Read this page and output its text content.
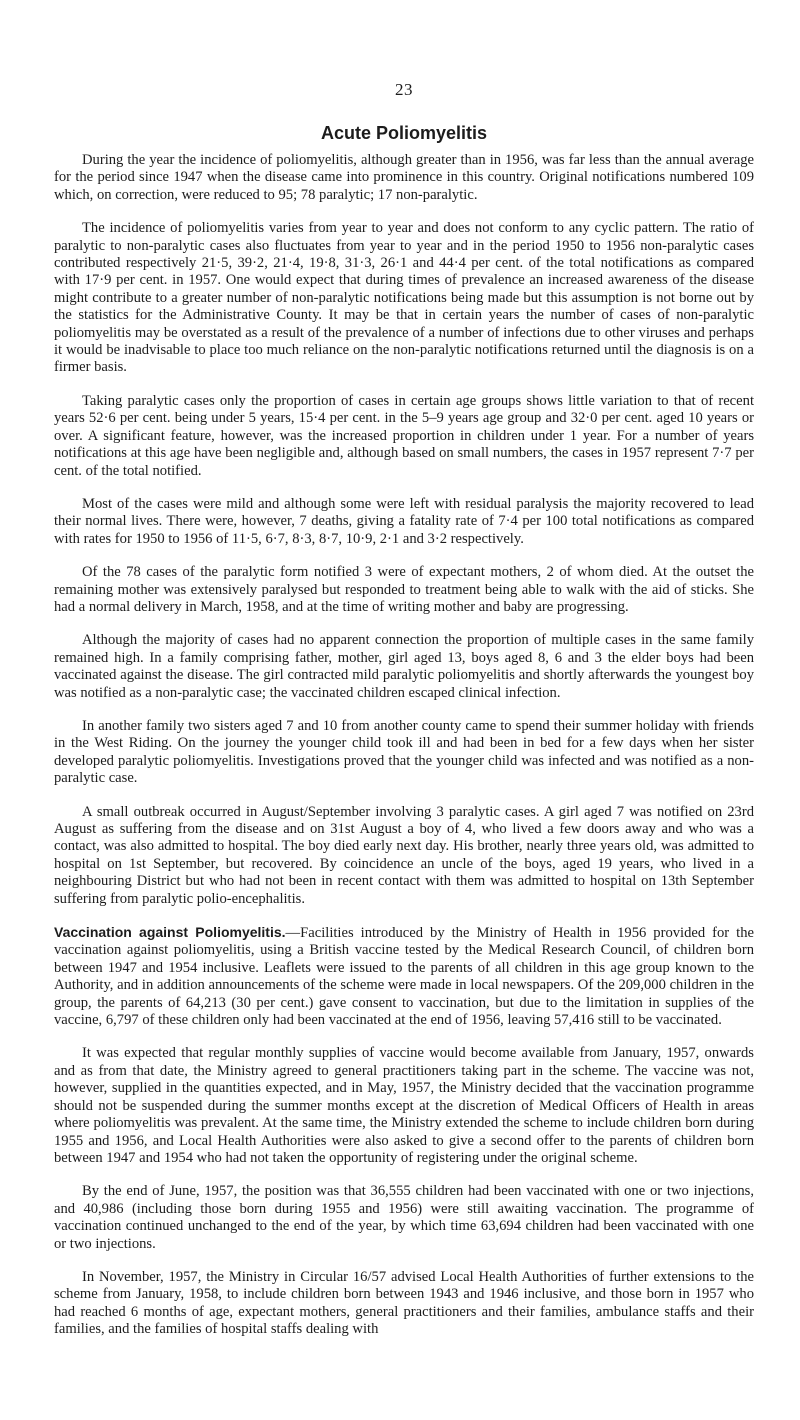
23
Acute Poliomyelitis

During the year the incidence of poliomyelitis, although greater than in 1956, was far less than the annual average for the period since 1947 when the disease came into prominence in this country. Original notifications numbered 109 which, on correction, were reduced to 95; 78 paralytic; 17 non-paralytic.

The incidence of poliomyelitis varies from year to year and does not conform to any cyclic pattern. The ratio of paralytic to non-paralytic cases also fluctuates from year to year and in the period 1950 to 1956 non-paralytic cases contributed respectively 21·5, 39·2, 21·4, 19·8, 31·3, 26·1 and 44·4 per cent. of the total notifications as compared with 17·9 per cent. in 1957. One would expect that during times of prevalence an increased awareness of the disease might contribute to a greater number of non-paralytic notifications being made but this assumption is not borne out by the statistics for the Administrative County. It may be that in certain years the number of cases of non-paralytic poliomyelitis may be overstated as a result of the prevalence of a number of infections due to other viruses and perhaps it would be inadvisable to place too much reliance on the non-paralytic notifications returned until the diagnosis is on a firmer basis.

Taking paralytic cases only the proportion of cases in certain age groups shows little variation to that of recent years 52·6 per cent. being under 5 years, 15·4 per cent. in the 5–9 years age group and 32·0 per cent. aged 10 years or over. A significant feature, however, was the increased proportion in children under 1 year. For a number of years notifications at this age have been negligible and, although based on small numbers, the cases in 1957 represent 7·7 per cent. of the total notified.

Most of the cases were mild and although some were left with residual paralysis the majority recovered to lead their normal lives. There were, however, 7 deaths, giving a fatality rate of 7·4 per 100 total notifications as compared with rates for 1950 to 1956 of 11·5, 6·7, 8·3, 8·7, 10·9, 2·1 and 3·2 respectively.

Of the 78 cases of the paralytic form notified 3 were of expectant mothers, 2 of whom died. At the outset the remaining mother was extensively paralysed but responded to treatment being able to walk with the aid of sticks. She had a normal delivery in March, 1958, and at the time of writing mother and baby are progressing.

Although the majority of cases had no apparent connection the proportion of multiple cases in the same family remained high. In a family comprising father, mother, girl aged 13, boys aged 8, 6 and 3 the elder boys had been vaccinated against the disease. The girl contracted mild paralytic poliomyelitis and shortly afterwards the youngest boy was notified as a non-paralytic case; the vaccinated children escaped clinical infection.

In another family two sisters aged 7 and 10 from another county came to spend their summer holiday with friends in the West Riding. On the journey the younger child took ill and had been in bed for a few days when her sister developed paralytic poliomyelitis. Investigations proved that the younger child was infected and was notified as a non-paralytic case.

A small outbreak occurred in August/September involving 3 paralytic cases. A girl aged 7 was notified on 23rd August as suffering from the disease and on 31st August a boy of 4, who lived a few doors away and who was a contact, was also admitted to hospital. The boy died early next day. His brother, nearly three years old, was admitted to hospital on 1st September, but recovered. By coincidence an uncle of the boys, aged 19 years, who lived in a neighbouring District but who had not been in recent contact with them was admitted to hospital on 13th September suffering from paralytic polio-encephalitis.

Vaccination against Poliomyelitis.—Facilities introduced by the Ministry of Health in 1956 provided for the vaccination against poliomyelitis, using a British vaccine tested by the Medical Research Council, of children born between 1947 and 1954 inclusive. Leaflets were issued to the parents of all children in this age group known to the Authority, and in addition announcements of the scheme were made in local newspapers. Of the 209,000 children in the group, the parents of 64,213 (30 per cent.) gave consent to vaccination, but due to the limitation in supplies of the vaccine, 6,797 of these children only had been vaccinated at the end of 1956, leaving 57,416 still to be vaccinated.

It was expected that regular monthly supplies of vaccine would become available from January, 1957, onwards and as from that date, the Ministry agreed to general practitioners taking part in the scheme. The vaccine was not, however, supplied in the quantities expected, and in May, 1957, the Ministry decided that the vaccination programme should not be suspended during the summer months except at the discretion of Medical Officers of Health in areas where poliomyelitis was prevalent. At the same time, the Ministry extended the scheme to include children born during 1955 and 1956, and Local Health Authorities were also asked to give a second offer to the parents of children born between 1947 and 1954 who had not taken the opportunity of registering under the original scheme.

By the end of June, 1957, the position was that 36,555 children had been vaccinated with one or two injections, and 40,986 (including those born during 1955 and 1956) were still awaiting vaccination. The programme of vaccination continued unchanged to the end of the year, by which time 63,694 children had been vaccinated with one or two injections.

In November, 1957, the Ministry in Circular 16/57 advised Local Health Authorities of further extensions to the scheme from January, 1958, to include children born between 1943 and 1946 inclusive, and those born in 1957 who had reached 6 months of age, expectant mothers, general practitioners and their families, ambulance staffs and their families, and the families of hospital staffs dealing with
